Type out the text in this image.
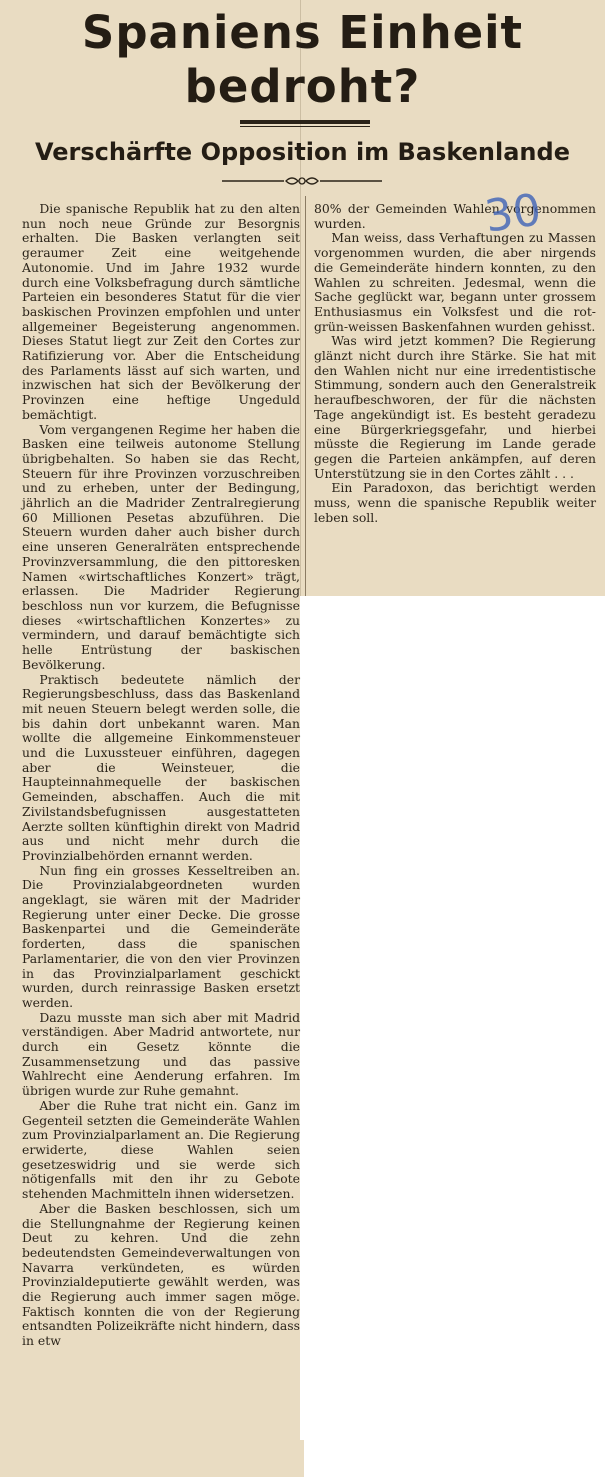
Spaniens Einheit
bedroht?
Verschärfte Opposition im Baskenlande

Die spanische Republik hat zu den alten nun noch neue Gründe zur Besorgnis erhalten. Die Basken verlangten seit geraumer Zeit eine weitgehende Autonomie. Und im Jahre 1932 wurde durch eine Volksbefragung durch sämtliche Parteien ein besonderes Statut für die vier baskischen Provinzen empfohlen und unter allgemeiner Begeisterung angenommen. Dieses Statut liegt zur Zeit den Cortes zur Ratifizierung vor. Aber die Entscheidung des Parlaments lässt auf sich warten, und inzwischen hat sich der Bevölkerung der Provinzen eine heftige Ungeduld bemächtigt.

Vom vergangenen Regime her haben die Basken eine teilweis autonome Stellung übrigbehalten. So haben sie das Recht, Steuern für ihre Provinzen vorzuschreiben und zu erheben, unter der Bedingung, jährlich an die Madrider Zentralregierung 60 Millionen Pesetas abzuführen. Die Steuern wurden daher auch bisher durch eine unseren Generalräten entsprechende Provinzversammlung, die den pittoresken Namen «wirtschaftliches Konzert» trägt, erlassen. Die Madrider Regierung beschloss nun vor kurzem, die Befugnisse dieses «wirtschaftlichen Konzertes» zu vermindern, und darauf bemächtigte sich helle Entrüstung der baskischen Bevölkerung.

Praktisch bedeutete nämlich der Regierungsbeschluss, dass das Baskenland mit neuen Steuern belegt werden solle, die bis dahin dort unbekannt waren. Man wollte die allgemeine Einkommensteuer und die Luxussteuer einführen, dagegen aber die Weinsteuer, die Haupteinnahmequelle der baskischen Gemeinden, abschaffen. Auch die mit Zivilstandsbefugnissen ausgestatteten Aerzte sollten künftighin direkt von Madrid aus und nicht mehr durch die Provinzialbehörden ernannt werden.

Nun fing ein grosses Kesseltreiben an. Die Provinzialabgeordneten wurden angeklagt, sie wären mit der Madrider Regierung unter einer Decke. Die grosse Baskenpartei und die Gemeinderäte forderten, dass die spanischen Parlamentarier, die von den vier Provinzen in das Provinzialparlament geschickt wurden, durch reinrassige Basken ersetzt werden.

Dazu musste man sich aber mit Madrid verständigen. Aber Madrid antwortete, nur durch ein Gesetz könnte die Zusammensetzung und das passive Wahlrecht eine Aenderung erfahren. Im übrigen wurde zur Ruhe gemahnt.

Aber die Ruhe trat nicht ein. Ganz im Gegenteil setzten die Gemeinderäte Wahlen zum Provinzialparlament an. Die Regierung erwiderte, diese Wahlen seien gesetzeswidrig und sie werde sich nötigenfalls mit den ihr zu Gebote stehenden Machmitteln ihnen widersetzen.

Aber die Basken beschlossen, sich um die Stellungnahme der Regierung keinen Deut zu kehren. Und die zehn bedeutendsten Gemeindeverwaltungen von Navarra verkündeten, es würden Provinzialdeputierte gewählt werden, was die Regierung auch immer sagen möge. Faktisch konnten die von der Regierung entsandten Polizeikräfte nicht hindern, dass in etw

80% der Gemeinden Wahlen vorgenommen wurden.

Man weiss, dass Verhaftungen zu Massen vorgenommen wurden, die aber nirgends die Gemeinderäte hindern konnten, zu den Wahlen zu schreiten. Jedesmal, wenn die Sache geglückt war, begann unter grossem Enthusiasmus ein Volksfest und die rot-grün-weissen Baskenfahnen wurden gehisst.

Was wird jetzt kommen? Die Regierung glänzt nicht durch ihre Stärke. Sie hat mit den Wahlen nicht nur eine irredentistische Stimmung, sondern auch den Generalstreik heraufbeschworen, der für die nächsten Tage angekündigt ist. Es besteht geradezu eine Bürgerkriegsgefahr, und hierbei müsste die Regierung im Lande gerade gegen die Parteien ankämpfen, auf deren Unterstützung sie in den Cortes zählt . . .

Ein Paradoxon, das berichtigt werden muss, wenn die spanische Republik weiter leben soll.

30
